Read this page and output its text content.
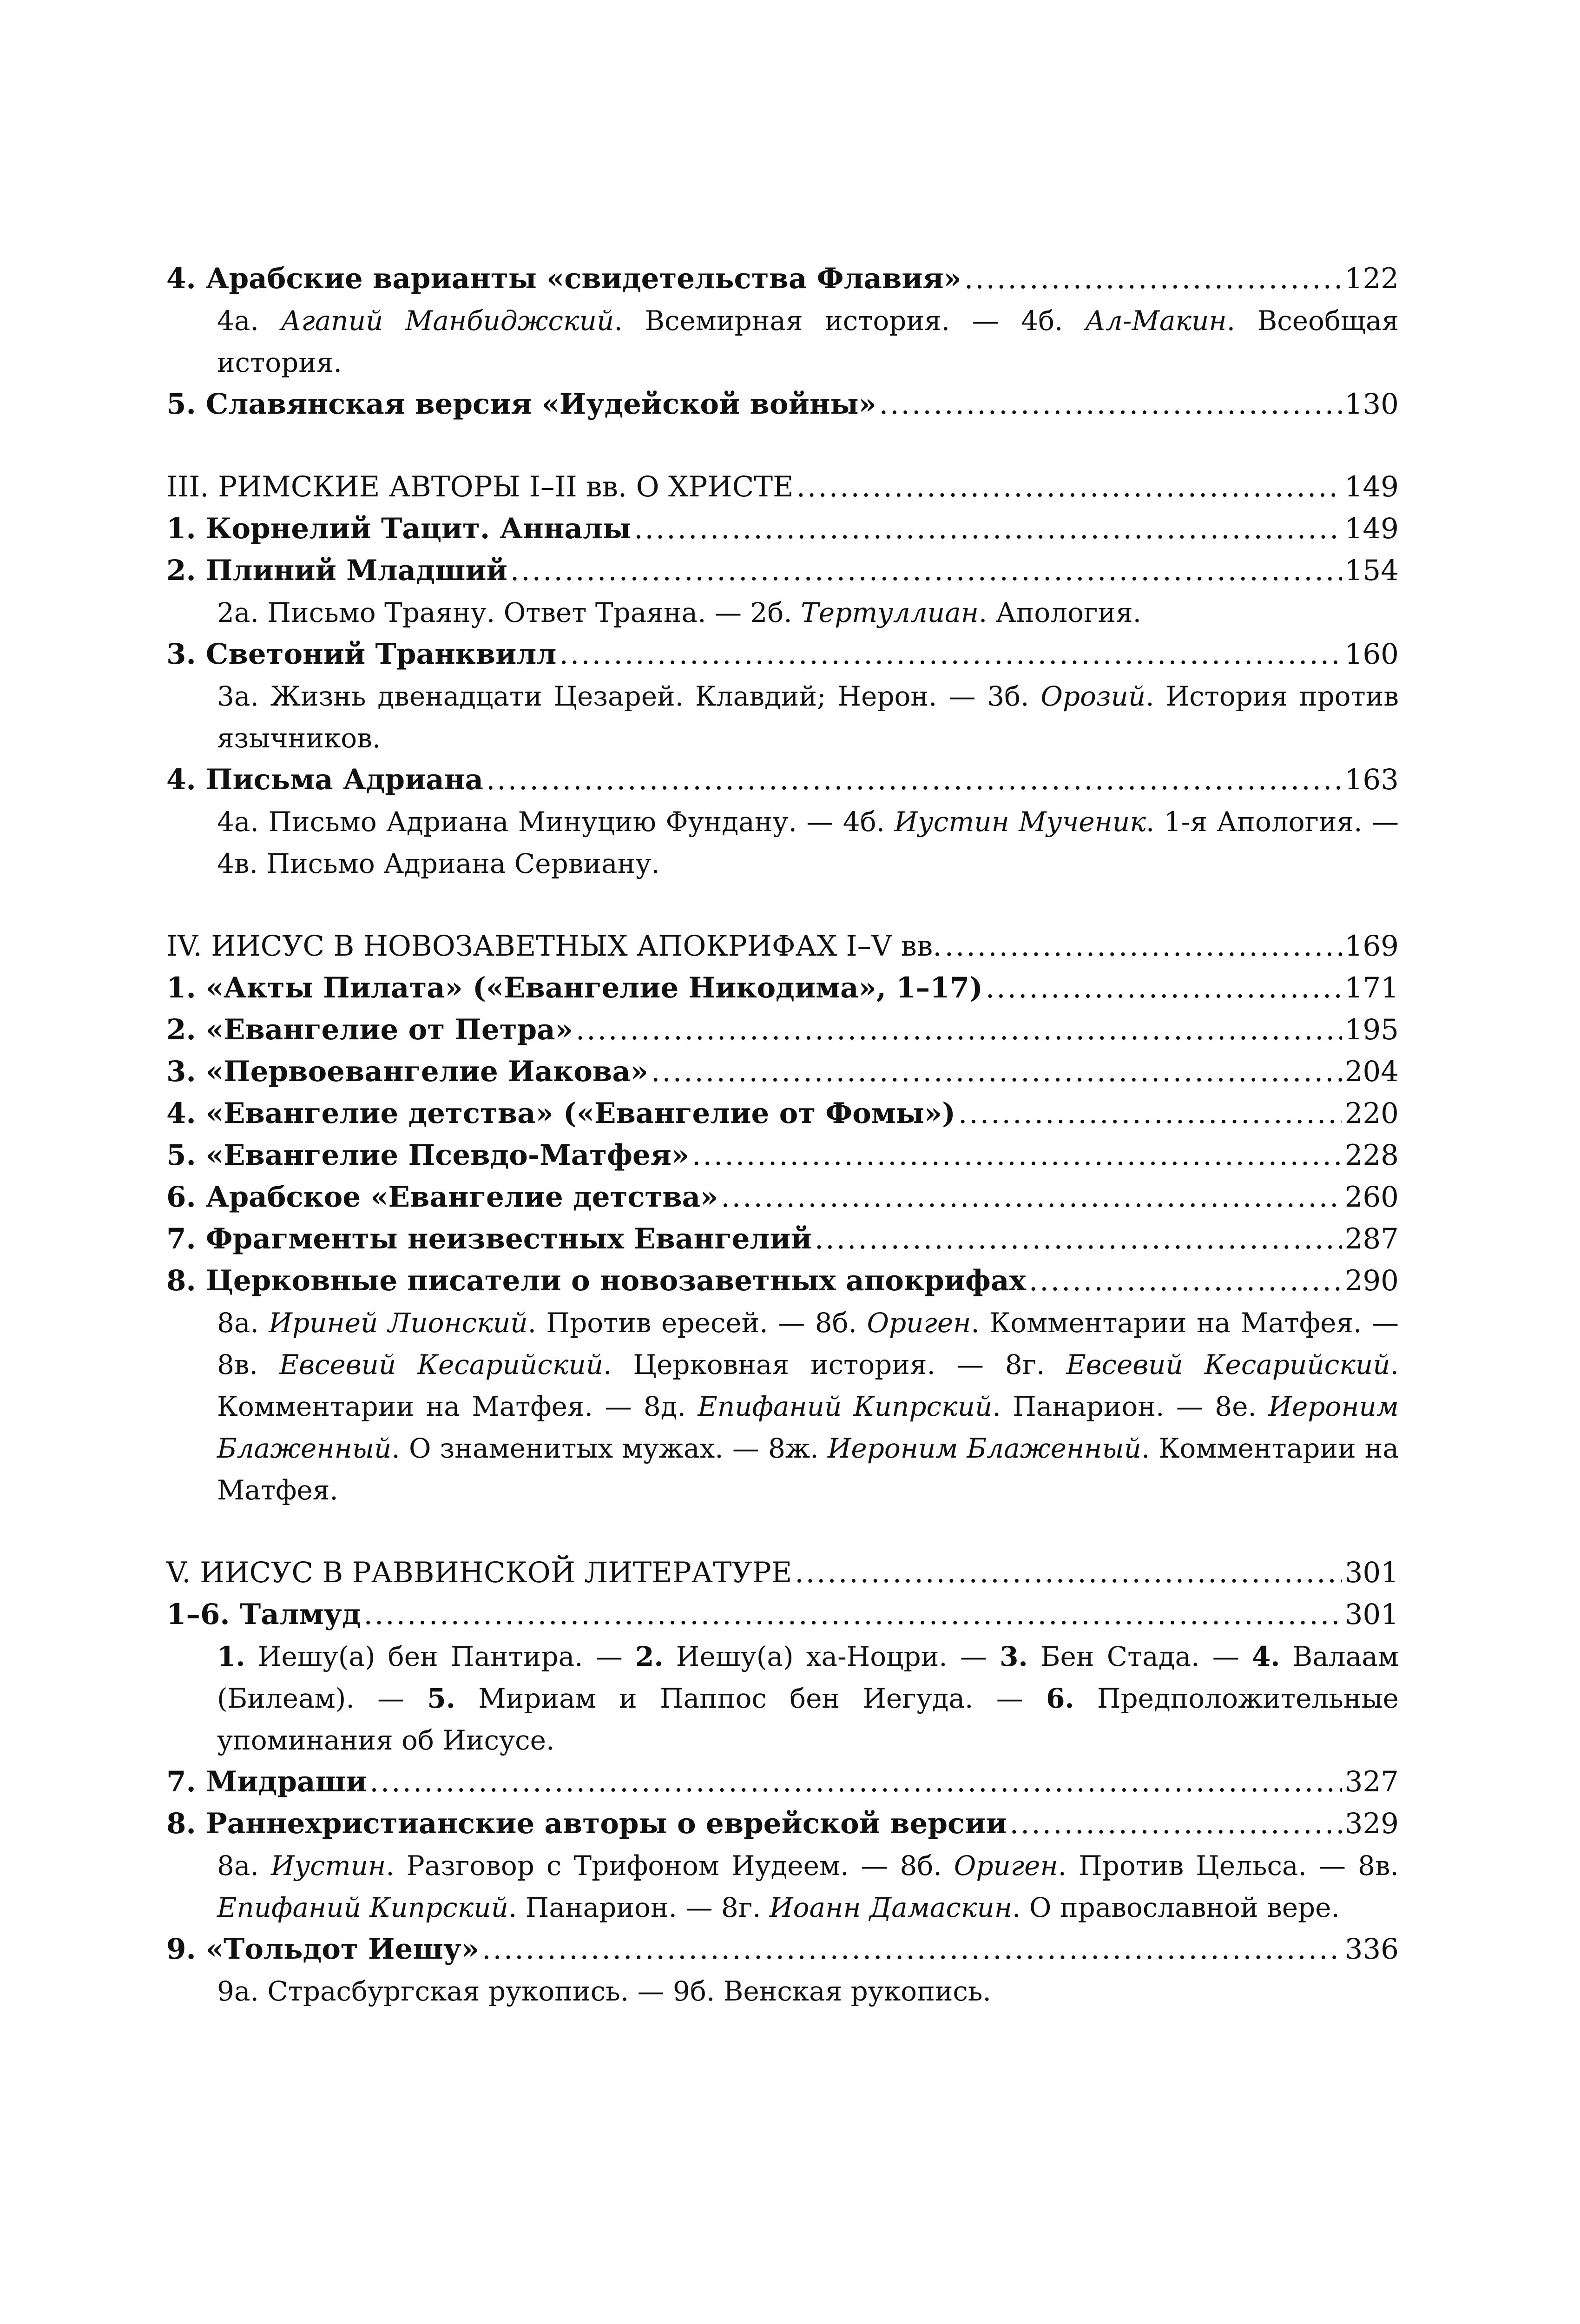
4. Арабские варианты «свидетельства Флавия» .....	122
4а. Агапий Манбиджский. Всемирная история. — 4б. Ал-Макин. Всеобщая история.
5. Славянская версия «Иудейской войны» .....	130
III. РИМСКИЕ АВТОРЫ I–II вв. О ХРИСТЕ .....	149
1. Корнелий Тацит. Анналы .....	149
2. Плиний Младший .....	154
2а. Письмо Траяну. Ответ Траяна. — 2б. Тертуллиан. Апология.
3. Светоний Транквилл .....	160
3а. Жизнь двенадцати Цезарей. Клавдий; Нерон. — 3б. Орозий. История против язычников.
4. Письма Адриана .....	163
4а. Письмо Адриана Минуцию Фундану. — 4б. Иустин Мученик. 1-я Апология. — 4в. Письмо Адриана Сервиану.
IV. ИИСУС В НОВОЗАВЕТНЫХ АПОКРИФАХ I–V вв. .....	169
1. «Акты Пилата» («Евангелие Никодима», 1–17) .....	171
2. «Евангелие от Петра» .....	195
3. «Первоевангелие Иакова» .....	204
4. «Евангелие детства» («Евангелие от Фомы») .....	220
5. «Евангелие Псевдо-Матфея» .....	228
6. Арабское «Евангелие детства» .....	260
7. Фрагменты неизвестных Евангелий .....	287
8. Церковные писатели о новозаветных апокрифах .....	290
8а. Ириней Лионский. Против ересей. — 8б. Ориген. Комментарии на Матфея. — 8в. Евсевий Кесарийский. Церковная история. — 8г. Евсевий Кесарийский. Комментарии на Матфея. — 8д. Епифаний Кипрский. Панарион. — 8е. Иероним Блаженный. О знаменитых мужах. — 8ж. Иероним Блаженный. Комментарии на Матфея.
V. ИИСУС В РАВВИНСКОЙ ЛИТЕРАТУРЕ .....	301
1–6. Талмуд .....	301
1. Иешу(а) бен Пантира. — 2. Иешу(а) ха-Ноцри. — 3. Бен Стада. — 4. Валаам (Билеам). — 5. Мириам и Паппос бен Иегуда. — 6. Предположительные упоминания об Иисусе.
7. Мидраши .....	327
8. Раннехристианские авторы о еврейской версии .....	329
8а. Иустин. Разговор с Трифоном Иудеем. — 8б. Ориген. Против Цельса. — 8в. Епифаний Кипрский. Панарион. — 8г. Иоанн Дамаскин. О православной вере.
9. «Тольдот Иешу» .....	336
9а. Страсбургская рукопись. — 9б. Венская рукопись.
